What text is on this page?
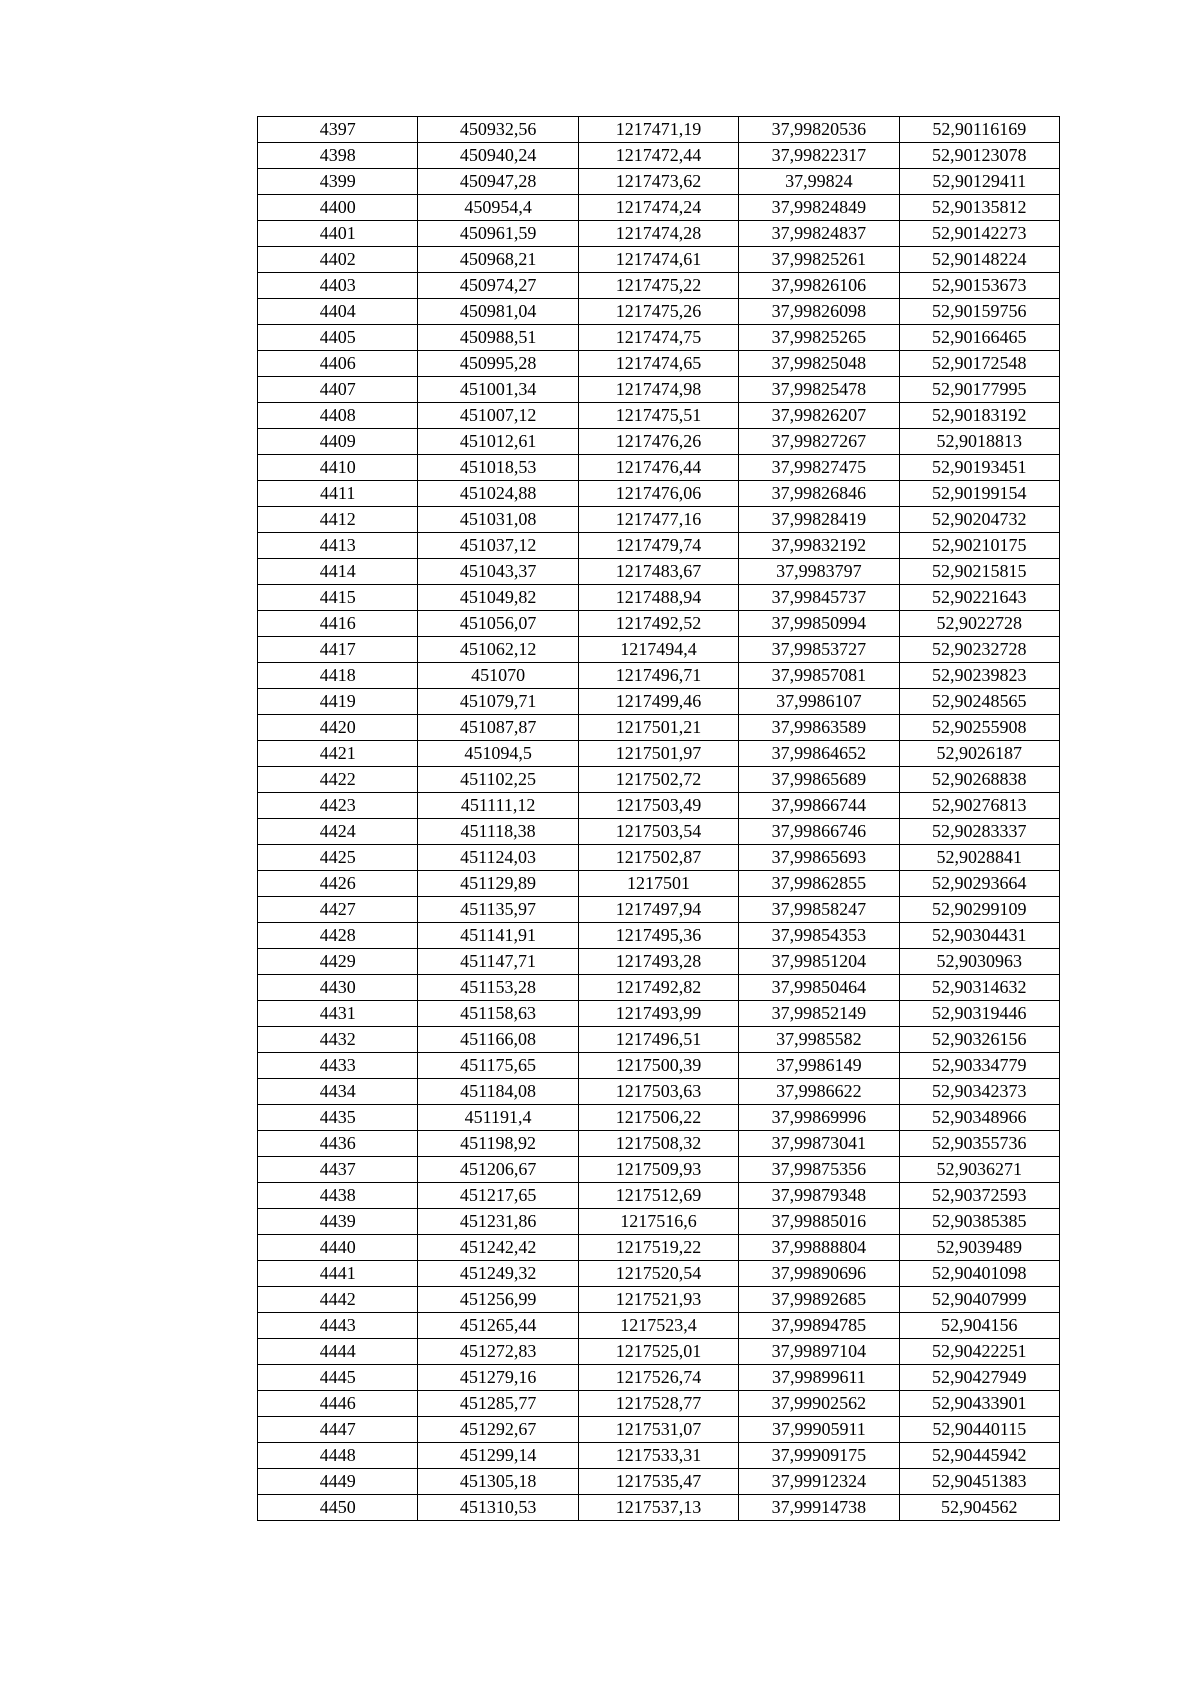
4397	450932,56	1217471,19	37,99820536	52,90116169
4398	450940,24	1217472,44	37,99822317	52,90123078
4399	450947,28	1217473,62	37,99824	52,90129411
4400	450954,4	1217474,24	37,99824849	52,90135812
4401	450961,59	1217474,28	37,99824837	52,90142273
4402	450968,21	1217474,61	37,99825261	52,90148224
4403	450974,27	1217475,22	37,99826106	52,90153673
4404	450981,04	1217475,26	37,99826098	52,90159756
4405	450988,51	1217474,75	37,99825265	52,90166465
4406	450995,28	1217474,65	37,99825048	52,90172548
4407	451001,34	1217474,98	37,99825478	52,90177995
4408	451007,12	1217475,51	37,99826207	52,90183192
4409	451012,61	1217476,26	37,99827267	52,9018813
4410	451018,53	1217476,44	37,99827475	52,90193451
4411	451024,88	1217476,06	37,99826846	52,90199154
4412	451031,08	1217477,16	37,99828419	52,90204732
4413	451037,12	1217479,74	37,99832192	52,90210175
4414	451043,37	1217483,67	37,9983797	52,90215815
4415	451049,82	1217488,94	37,99845737	52,90221643
4416	451056,07	1217492,52	37,99850994	52,9022728
4417	451062,12	1217494,4	37,99853727	52,90232728
4418	451070	1217496,71	37,99857081	52,90239823
4419	451079,71	1217499,46	37,9986107	52,90248565
4420	451087,87	1217501,21	37,99863589	52,90255908
4421	451094,5	1217501,97	37,99864652	52,9026187
4422	451102,25	1217502,72	37,99865689	52,90268838
4423	451111,12	1217503,49	37,99866744	52,90276813
4424	451118,38	1217503,54	37,99866746	52,90283337
4425	451124,03	1217502,87	37,99865693	52,9028841
4426	451129,89	1217501	37,99862855	52,90293664
4427	451135,97	1217497,94	37,99858247	52,90299109
4428	451141,91	1217495,36	37,99854353	52,90304431
4429	451147,71	1217493,28	37,99851204	52,9030963
4430	451153,28	1217492,82	37,99850464	52,90314632
4431	451158,63	1217493,99	37,99852149	52,90319446
4432	451166,08	1217496,51	37,9985582	52,90326156
4433	451175,65	1217500,39	37,9986149	52,90334779
4434	451184,08	1217503,63	37,9986622	52,90342373
4435	451191,4	1217506,22	37,99869996	52,90348966
4436	451198,92	1217508,32	37,99873041	52,90355736
4437	451206,67	1217509,93	37,99875356	52,9036271
4438	451217,65	1217512,69	37,99879348	52,90372593
4439	451231,86	1217516,6	37,99885016	52,90385385
4440	451242,42	1217519,22	37,99888804	52,9039489
4441	451249,32	1217520,54	37,99890696	52,90401098
4442	451256,99	1217521,93	37,99892685	52,90407999
4443	451265,44	1217523,4	37,99894785	52,904156
4444	451272,83	1217525,01	37,99897104	52,90422251
4445	451279,16	1217526,74	37,99899611	52,90427949
4446	451285,77	1217528,77	37,99902562	52,90433901
4447	451292,67	1217531,07	37,99905911	52,90440115
4448	451299,14	1217533,31	37,99909175	52,90445942
4449	451305,18	1217535,47	37,99912324	52,90451383
4450	451310,53	1217537,13	37,99914738	52,904562
